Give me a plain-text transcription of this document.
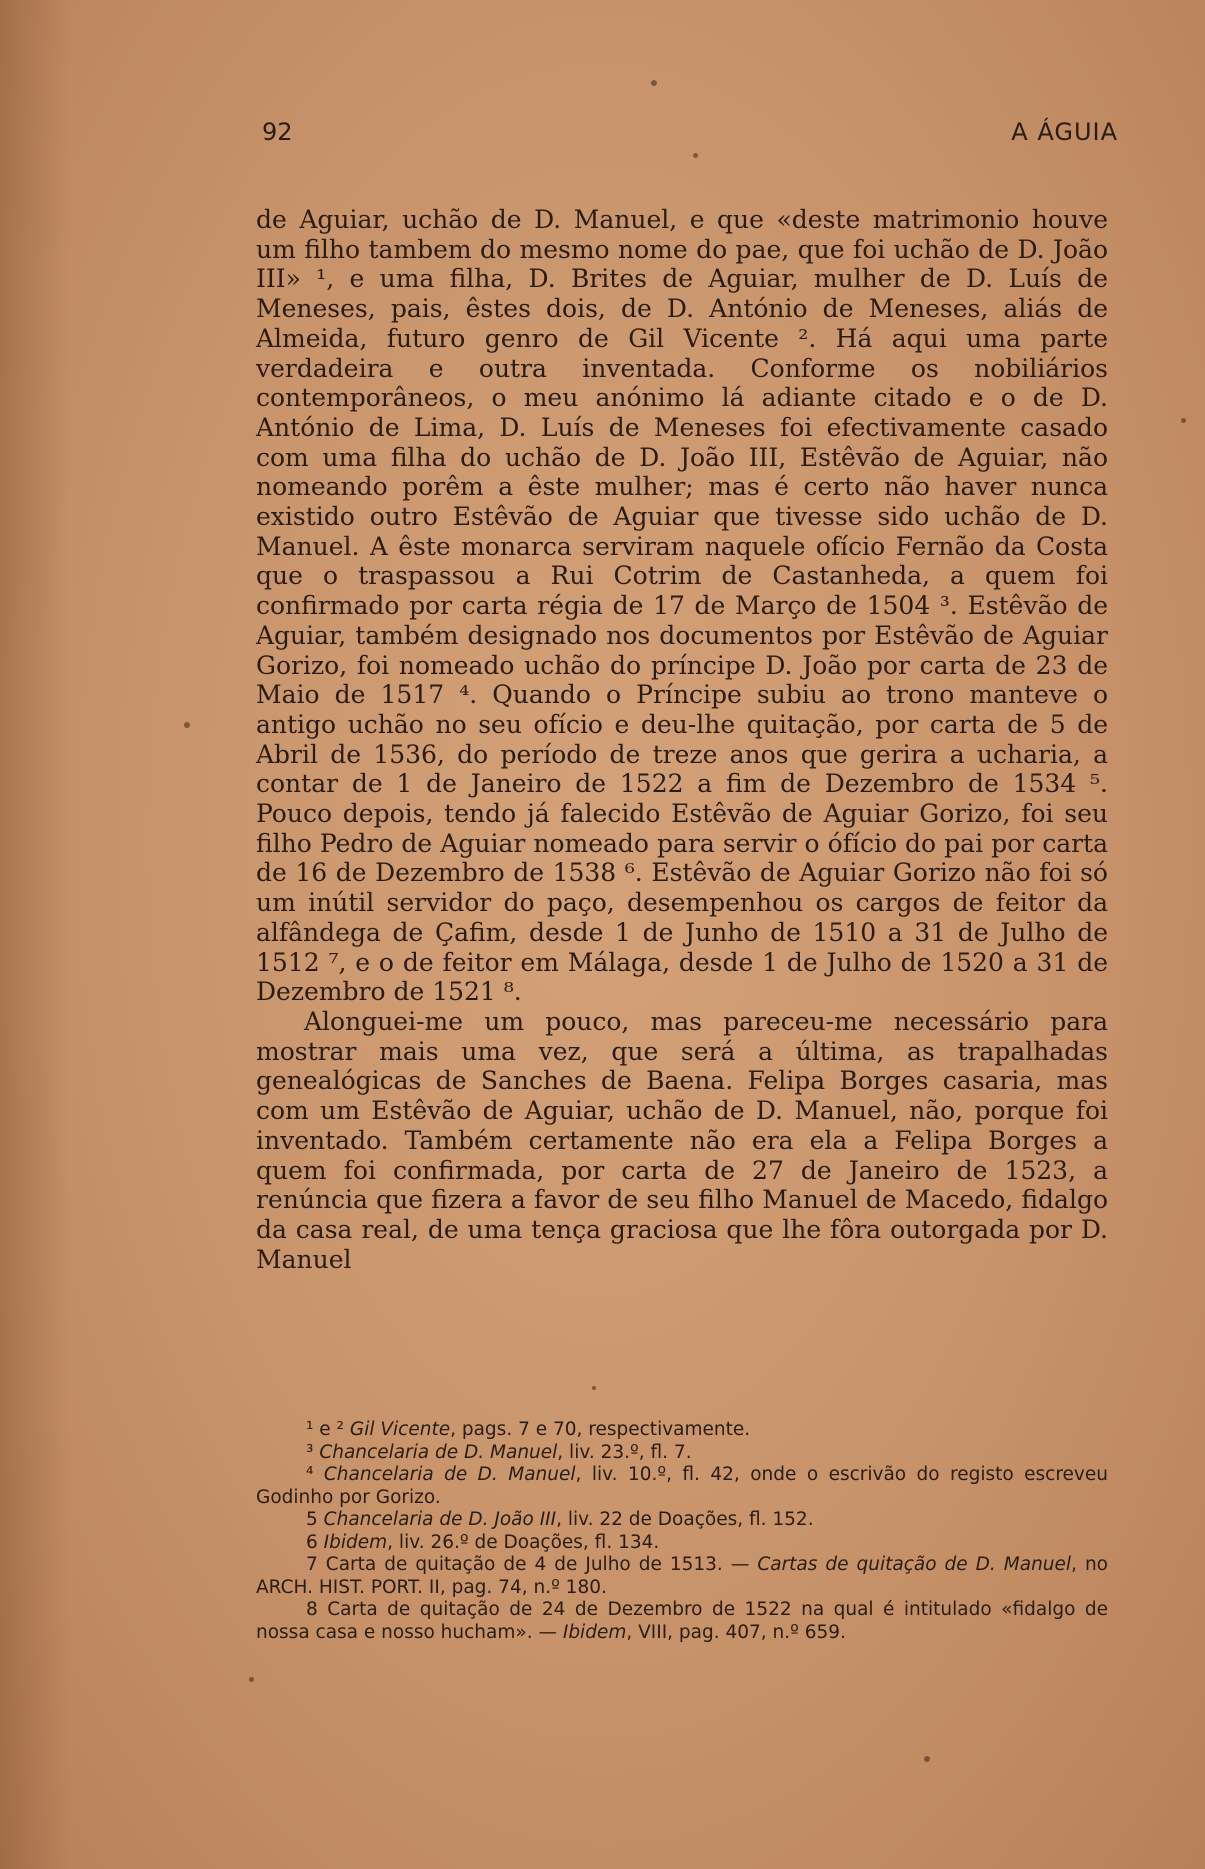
92	A ÁGUIA

de Aguiar, uchão de D. Manuel, e que «deste matrimonio houve um filho tambem do mesmo nome do pae, que foi uchão de D. João III» ¹, e uma filha, D. Brites de Aguiar, mulher de D. Luís de Meneses, pais, êstes dois, de D. António de Meneses, aliás de Almeida, futuro genro de Gil Vicente ². Há aqui uma parte verdadeira e outra inventada. Conforme os nobiliários contemporâneos, o meu anónimo lá adiante citado e o de D. António de Lima, D. Luís de Meneses foi efectivamente casado com uma filha do uchão de D. João III, Estêvão de Aguiar, não nomeando porêm a êste mulher; mas é certo não haver nunca existido outro Estêvão de Aguiar que tivesse sido uchão de D. Manuel. A êste monarca serviram naquele ofício Fernão da Costa que o traspassou a Rui Cotrim de Castanheda, a quem foi confirmado por carta régia de 17 de Março de 1504 ³. Estêvão de Aguiar, também designado nos documentos por Estêvão de Aguiar Gorizo, foi nomeado uchão do príncipe D. João por carta de 23 de Maio de 1517 ⁴. Quando o Príncipe subiu ao trono manteve o antigo uchão no seu ofício e deu-lhe quitação, por carta de 5 de Abril de 1536, do período de treze anos que gerira a ucharia, a contar de 1 de Janeiro de 1522 a fim de Dezembro de 1534 ⁵. Pouco depois, tendo já falecido Estêvão de Aguiar Gorizo, foi seu filho Pedro de Aguiar nomeado para servir o ófício do pai por carta de 16 de Dezembro de 1538 ⁶. Estêvão de Aguiar Gorizo não foi só um inútil servidor do paço, desempenhou os cargos de feitor da alfândega de Çafim, desde 1 de Junho de 1510 a 31 de Julho de 1512 ⁷, e o de feitor em Málaga, desde 1 de Julho de 1520 a 31 de Dezembro de 1521 ⁸.

Alonguei-me um pouco, mas pareceu-me necessário para mostrar mais uma vez, que será a última, as trapalhadas genealógicas de Sanches de Baena. Felipa Borges casaria, mas com um Estêvão de Aguiar, uchão de D. Manuel, não, porque foi inventado. Também certamente não era ela a Felipa Borges a quem foi confirmada, por carta de 27 de Janeiro de 1523, a renúncia que fizera a favor de seu filho Manuel de Macedo, fidalgo da casa real, de uma tença graciosa que lhe fôra outorgada por D. Manuel

¹ e ² Gil Vicente, pags. 7 e 70, respectivamente.
³ Chancelaria de D. Manuel, liv. 23.º, fl. 7.
⁴ Chancelaria de D. Manuel, liv. 10.º, fl. 42, onde o escrivão do registo escreveu Godinho por Gorizo.
5 Chancelaria de D. João III, liv. 22 de Doações, fl. 152.
6 Ibidem, liv. 26.º de Doações, fl. 134.
7 Carta de quitação de 4 de Julho de 1513. — Cartas de quitação de D. Manuel, no ARCH. HIST. PORT. II, pag. 74, n.º 180.
8 Carta de quitação de 24 de Dezembro de 1522 na qual é intitulado «fidalgo de nossa casa e nosso hucham». — Ibidem, VIII, pag. 407, n.º 659.
